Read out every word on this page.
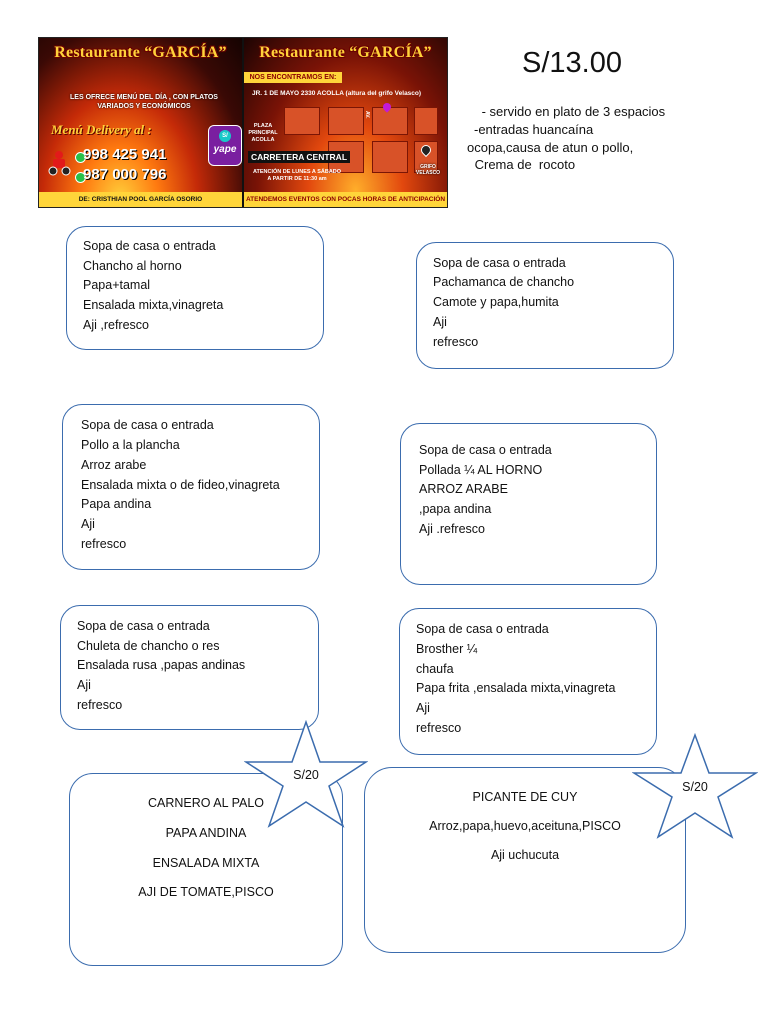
Restaurante “GARCÍA”
LES OFRECE MENÚ DEL DÍA , CON PLATOS VARIADOS Y ECONÓMICOS
Menú Delivery al :
998 425 941
987 000 796
S/
yape
DE: CRISTHIAN POOL GARCÍA OSORIO
Restaurante “GARCÍA”
NOS ENCONTRAMOS EN:
JR. 1 DE MAYO 2330 ACOLLA (altura del grifo Velasco)
AV.
PLAZA PRINCIPAL ACOLLA
CARRETERA CENTRAL
ATENCIÓN DE LUNES A SÁBADO A PARTIR DE 11:30 am
GRIFO VELASCO
ATENDEMOS EVENTOS CON POCAS HORAS DE ANTICIPACIÓN
S/13.00
- servido en plato de 3 espacios
-entradas huancaína
ocopa,causa de atun o pollo,
Crema de  rocoto
Sopa de casa o entrada
Chancho al horno
Papa+tamal
Ensalada mixta,vinagreta
Aji ,refresco
Sopa de casa o entrada
Pachamanca de chancho
Camote y papa,humita
Aji
refresco
Sopa de casa o entrada
Pollo a la plancha
Arroz arabe
Ensalada mixta o de fideo,vinagreta
Papa andina
Aji
refresco
Sopa de casa o entrada
Pollada ¼ AL HORNO
ARROZ ARABE
,papa andina
Aji .refresco
Sopa de casa o entrada
Chuleta de chancho o res
Ensalada rusa ,papas andinas
Aji
refresco
Sopa de casa o entrada
Brosther ¼
chaufa
Papa frita ,ensalada mixta,vinagreta
Aji
refresco
CARNERO AL PALO
PAPA ANDINA
ENSALADA MIXTA
AJI DE TOMATE,PISCO
PICANTE DE CUY
Arroz,papa,huevo,aceituna,PISCO
Aji uchucuta
S/20
S/20
